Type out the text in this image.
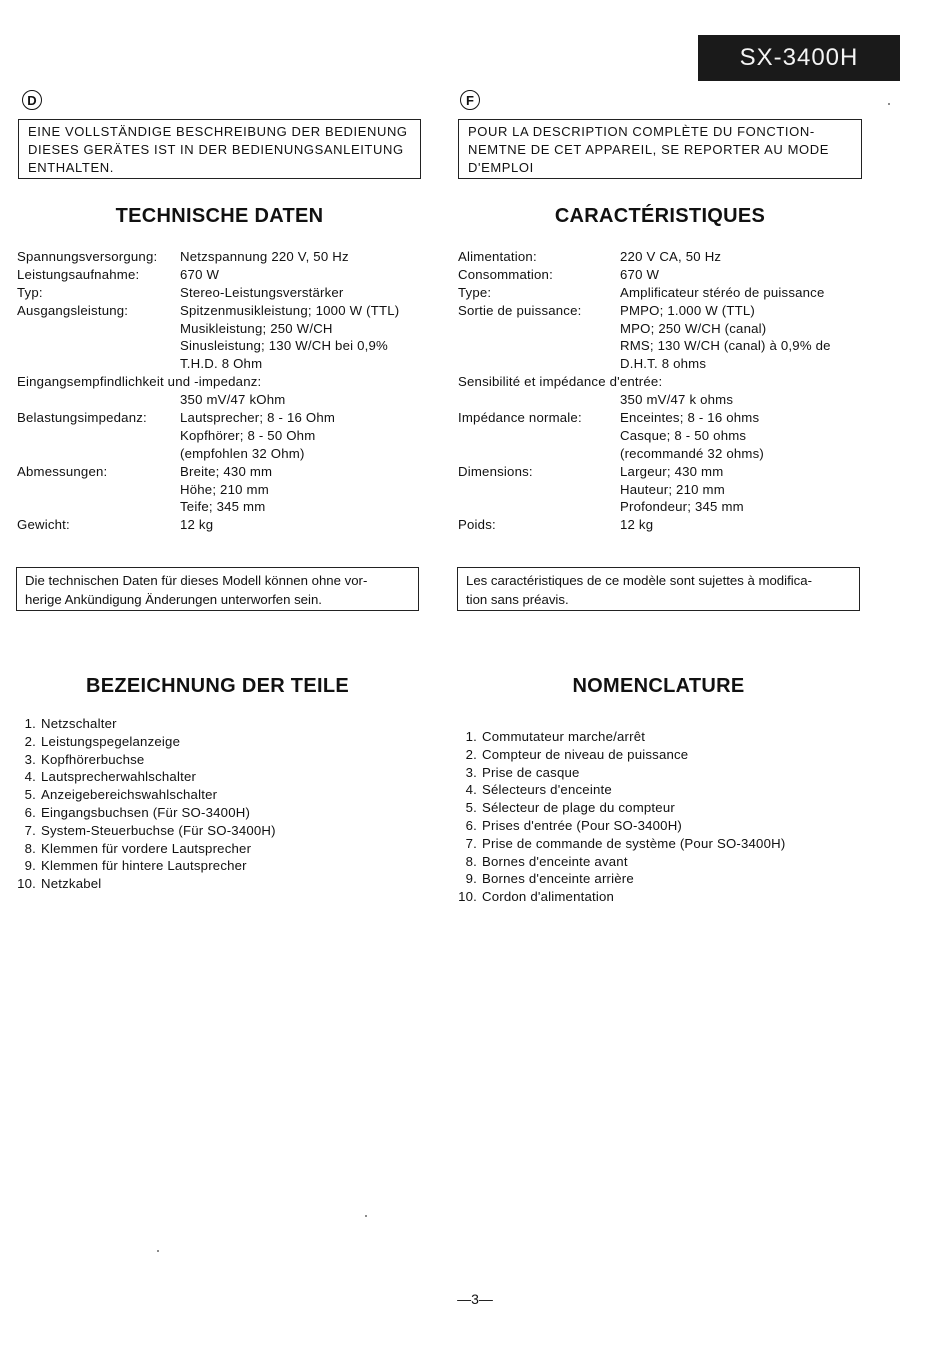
SX-3400H
D	F
EINE VOLLSTÄNDIGE BESCHREIBUNG DER BEDIENUNG
DIESES GERÄTES IST IN DER BEDIENUNGSANLEITUNG
ENTHALTEN.
POUR LA DESCRIPTION COMPLÈTE DU FONCTION-
NEMTNE DE CET APPAREIL, SE REPORTER AU MODE
D'EMPLOI
TECHNISCHE DATEN	CARACTÉRISTIQUES
Spannungsversorgung: Netzspannung 220 V, 50 Hz
Leistungsaufnahme:	670 W
Typ:	Stereo-Leistungsverstärker
Ausgangsleistung:	Spitzenmusikleistung; 1000 W (TTL)
Musikleistung; 250 W/CH
Sinusleistung; 130 W/CH bei 0,9%
T.H.D. 8 Ohm
Eingangsempfindlichkeit und -impedanz:
350 mV/47 kOhm
Belastungsimpedanz:	Lautsprecher; 8 - 16 Ohm
Kopfhörer; 8 - 50 Ohm
(empfohlen 32 Ohm)
Abmessungen:	Breite; 430 mm
Höhe; 210 mm
Teife; 345 mm
Gewicht:	12 kg
Alimentation:	220 V CA, 50 Hz
Consommation:	670 W
Type:	Amplificateur stéréo de puissance
Sortie de puissance:	PMPO; 1.000 W (TTL)
MPO; 250 W/CH (canal)
RMS; 130 W/CH (canal) à 0,9% de
D.H.T. 8 ohms
Sensibilité et impédance d'entrée:
350 mV/47 k ohms
Impédance normale:	Enceintes; 8 - 16 ohms
Casque; 8 - 50 ohms
(recommandé 32 ohms)
Dimensions:	Largeur; 430 mm
Hauteur; 210 mm
Profondeur; 345 mm
Poids:	12 kg
Die technischen Daten für dieses Modell können ohne vor-
herige Ankündigung Änderungen unterworfen sein.
Les caractéristiques de ce modèle sont sujettes à modifica-
tion sans préavis.
BEZEICHNUNG DER TEILE	NOMENCLATURE
1. Netzschalter
2. Leistungspegelanzeige
3. Kopfhörerbuchse
4. Lautsprecherwahlschalter
5. Anzeigebereichswahlschalter
6. Eingangsbuchsen (Für SO-3400H)
7. System-Steuerbuchse (Für SO-3400H)
8. Klemmen für vordere Lautsprecher
9. Klemmen für hintere Lautsprecher
10. Netzkabel
1. Commutateur marche/arrêt
2. Compteur de niveau de puissance
3. Prise de casque
4. Sélecteurs d'enceinte
5. Sélecteur de plage du compteur
6. Prises d'entrée (Pour SO-3400H)
7. Prise de commande de système (Pour SO-3400H)
8. Bornes d'enceinte avant
9. Bornes d'enceinte arrière
10. Cordon d'alimentation
—3—
